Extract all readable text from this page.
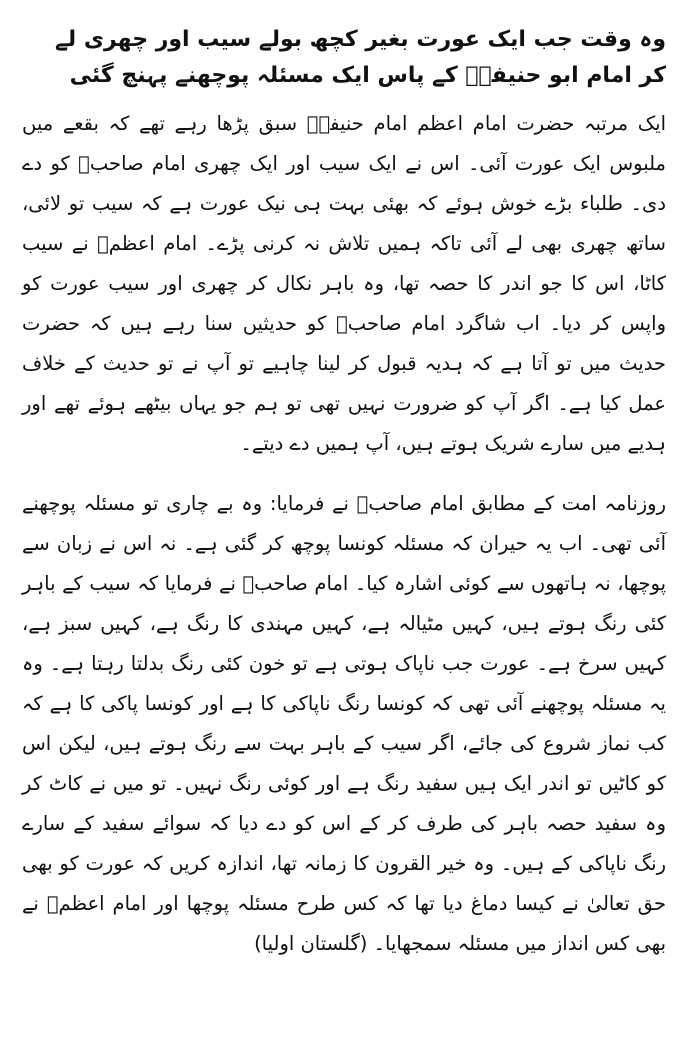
وہ وقت جب ایک عورت بغیر کچھ بولے سیب اور چھری لے کر امام ابو حنیفہؒ کے پاس ایک مسئلہ پوچھنے پہنچ گئی

ایک مرتبہ حضرت امام اعظم امام حنیفہؒ سبق پڑھا رہے تھے کہ بقعے میں ملبوس ایک عورت آئی۔ اس نے ایک سیب اور ایک چھری امام صاحبؒ کو دے دی۔ طلباء بڑے خوش ہوئے کہ بھئی بہت ہی نیک عورت ہے کہ سیب تو لائی، ساتھ چھری بھی لے آئی تاکہ ہمیں تلاش نہ کرنی پڑے۔ امام اعظمؒ نے سیب کاٹا، اس کا جو اندر کا حصہ تھا، وہ باہر نکال کر چھری اور سیب عورت کو واپس کر دیا۔ اب شاگرد امام صاحبؒ کو حدیثیں سنا رہے ہیں کہ حضرت حدیث میں تو آتا ہے کہ ہدیہ قبول کر لینا چاہیے تو آپ نے تو حدیث کے خلاف عمل کیا ہے۔ اگر آپ کو ضرورت نہیں تھی تو ہم جو یہاں بیٹھے ہوئے تھے اور ہدیے میں سارے شریک ہوتے ہیں، آپ ہمیں دے دیتے۔

روزنامہ امت کے مطابق امام صاحبؒ نے فرمایا: وہ بے چاری تو مسئلہ پوچھنے آئی تھی۔ اب یہ حیران کہ مسئلہ کونسا پوچھ کر گئی ہے۔ نہ اس نے زبان سے پوچھا، نہ ہاتھوں سے کوئی اشارہ کیا۔ امام صاحبؒ نے فرمایا کہ سیب کے باہر کئی رنگ ہوتے ہیں، کہیں مٹیالہ ہے، کہیں مہندی کا رنگ ہے، کہیں سبز ہے، کہیں سرخ ہے۔ عورت جب ناپاک ہوتی ہے تو خون کئی رنگ بدلتا رہتا ہے۔ وہ یہ مسئلہ پوچھنے آئی تھی کہ کونسا رنگ ناپاکی کا ہے اور کونسا پاکی کا ہے کہ کب نماز شروع کی جائے، اگر سیب کے باہر بہت سے رنگ ہوتے ہیں، لیکن اس کو کاٹیں تو اندر ایک ہیں سفید رنگ ہے اور کوئی رنگ نہیں۔ تو میں نے کاٹ کر وہ سفید حصہ باہر کی طرف کر کے اس کو دے دیا کہ سوائے سفید کے سارے رنگ ناپاکی کے ہیں۔ وہ خیر القرون کا زمانہ تھا، اندازہ کریں کہ عورت کو بھی حق تعالیٰ نے کیسا دماغ دیا تھا کہ کس طرح مسئلہ پوچھا اور امام اعظمؒ نے بھی کس انداز میں مسئلہ سمجھایا۔ (گلستان اولیا)
